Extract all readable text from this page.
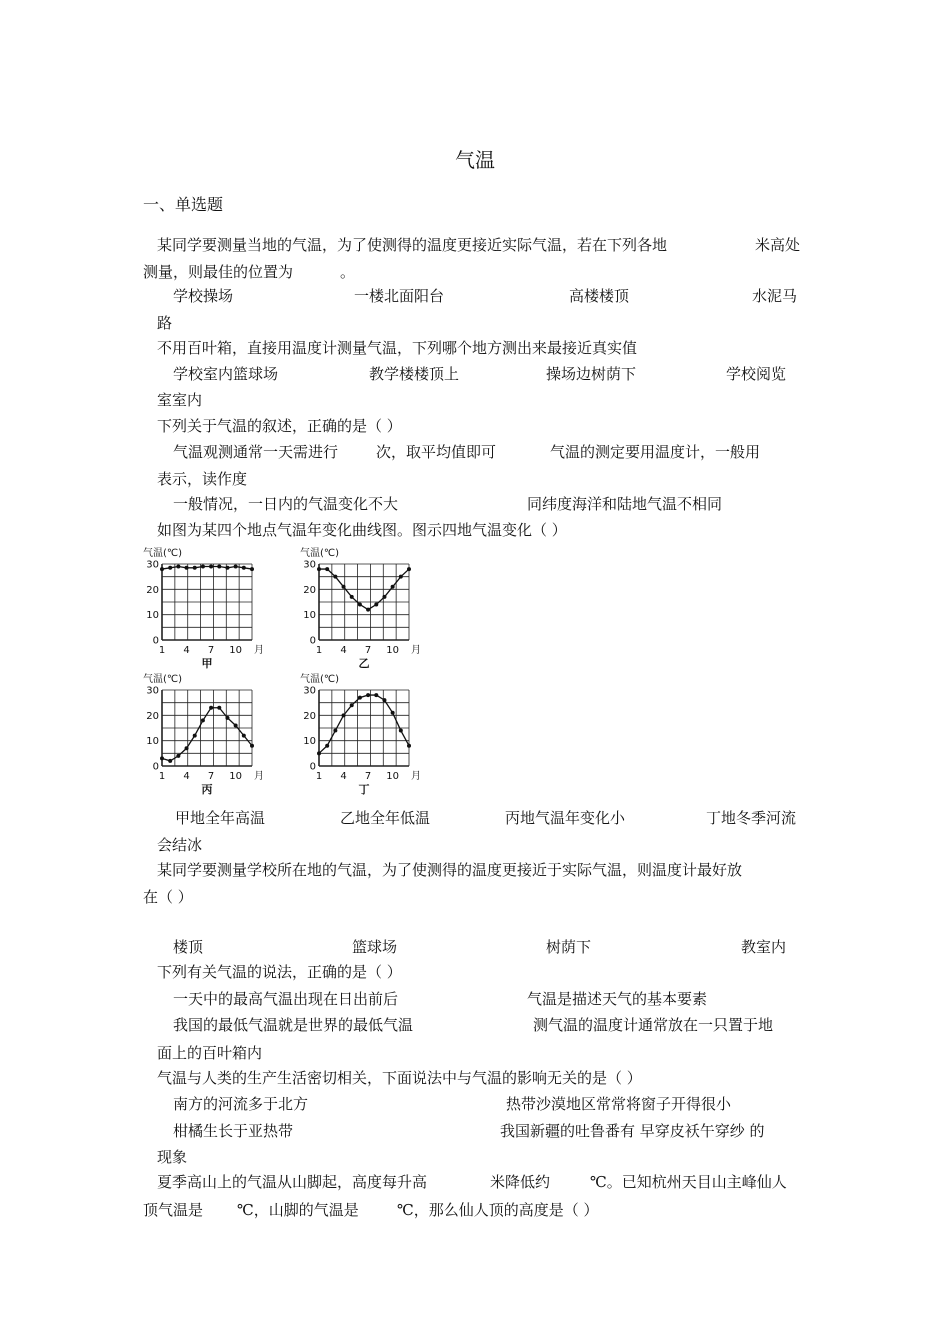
气温
一、单选题
某同学要测量当地的气温，为了使测得的温度更接近实际气温，若在下列各地	米高处
测量，则最佳的位置为	。
学校操场	一楼北面阳台	高楼楼顶	水泥马
路
不用百叶箱，直接用温度计测量气温，下列哪个地方测出来最接近真实值
学校室内篮球场	教学楼楼顶上	操场边树荫下	学校阅览
室室内
下列关于气温的叙述，正确的是（ ）
气温观测通常一天需进行	次，取平均值即可	气温的测定要用温度计，一般用
表示，读作度
一般情况，一日内的气温变化不大	同纬度海洋和陆地气温不相同
如图为某四个地点气温年变化曲线图。图示四地气温变化（ ）
气温(℃)
0
10
20
30
1 4 7 10 月
甲
气温(℃)
0
10
20
30
1 4 7 10 月
乙
气温(℃)
0
10
20
30
1 4 7 10 月
丙
气温(℃)
0
10
20
30
1 4 7 10 月
丁
甲地全年高温	乙地全年低温	丙地气温年变化小	丁地冬季河流
会结冰
某同学要测量学校所在地的气温，为了使测得的温度更接近于实际气温，则温度计最好放
在（ ）
楼顶	篮球场	树荫下	教室内
下列有关气温的说法，正确的是（ ）
一天中的最高气温出现在日出前后	气温是描述天气的基本要素
我国的最低气温就是世界的最低气温	测气温的温度计通常放在一只置于地
面上的百叶箱内
气温与人类的生产生活密切相关，下面说法中与气温的影响无关的是（ ）
南方的河流多于北方	热带沙漠地区常常将窗子开得很小
柑橘生长于亚热带	我国新疆的吐鲁番有 早穿皮袄午穿纱 的
现象
夏季高山上的气温从山脚起，高度每升高	米降低约	℃。已知杭州天目山主峰仙人
顶气温是 ℃，山脚的气温是	℃，那么仙人顶的高度是（ ）
